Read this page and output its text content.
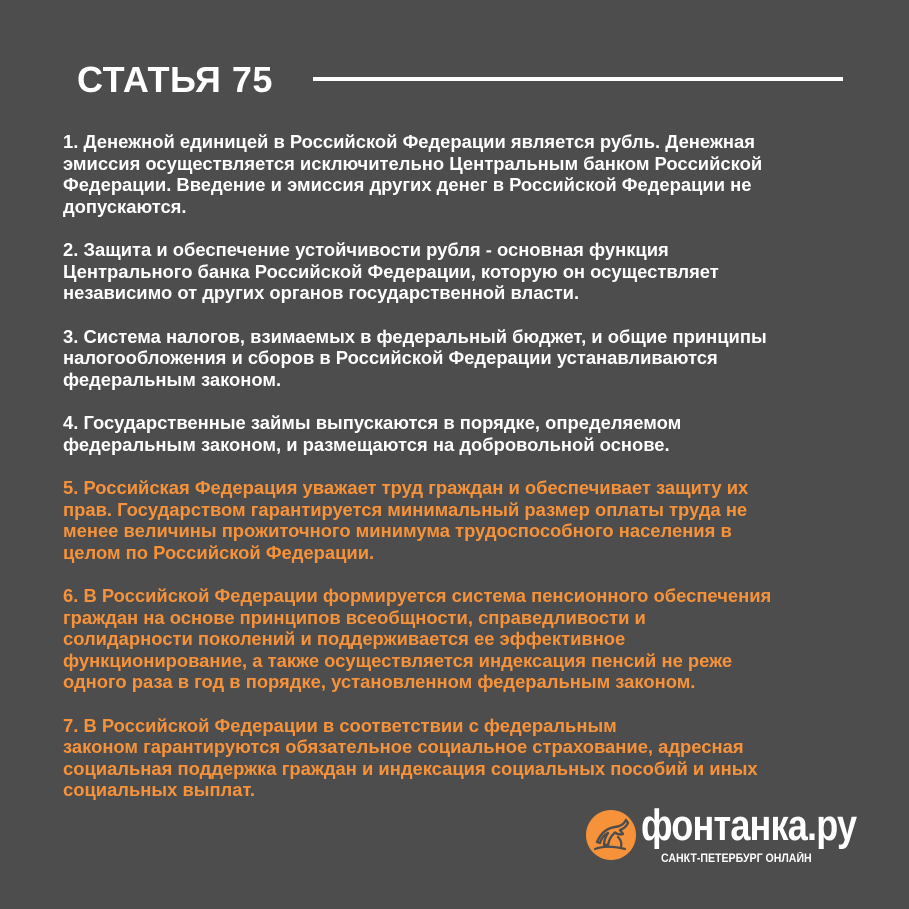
СТАТЬЯ 75

1. Денежной единицей в Российской Федерации является рубль. Денежная
эмиссия осуществляется исключительно Центральным банком Российской
Федерации. Введение и эмиссия других денег в Российской Федерации не
допускаются.

2. Защита и обеспечение устойчивости рубля - основная функция
Центрального банка Российской Федерации, которую он осуществляет
независимо от других органов государственной власти.

3. Система налогов, взимаемых в федеральный бюджет, и общие принципы
налогообложения и сборов в Российской Федерации устанавливаются
федеральным законом.

4. Государственные займы выпускаются в порядке, определяемом
федеральным законом, и размещаются на добровольной основе.

5. Российская Федерация уважает труд граждан и обеспечивает защиту их
прав. Государством гарантируется минимальный размер оплаты труда не
менее величины прожиточного минимума трудоспособного населения в
целом по Российской Федерации.

6. В Российской Федерации формируется система пенсионного обеспечения
граждан на основе принципов всеобщности, справедливости и
солидарности поколений и поддерживается ее эффективное
функционирование, а также осуществляется индексация пенсий не реже
одного раза в год в порядке, установленном федеральным законом.

7. В Российской Федерации в соответствии с федеральным
законом гарантируются обязательное социальное страхование, адресная
социальная поддержка граждан и индексация социальных пособий и иных
социальных выплат.

фонтанка.ру
САНКТ-ПЕТЕРБУРГ ОНЛАЙН
